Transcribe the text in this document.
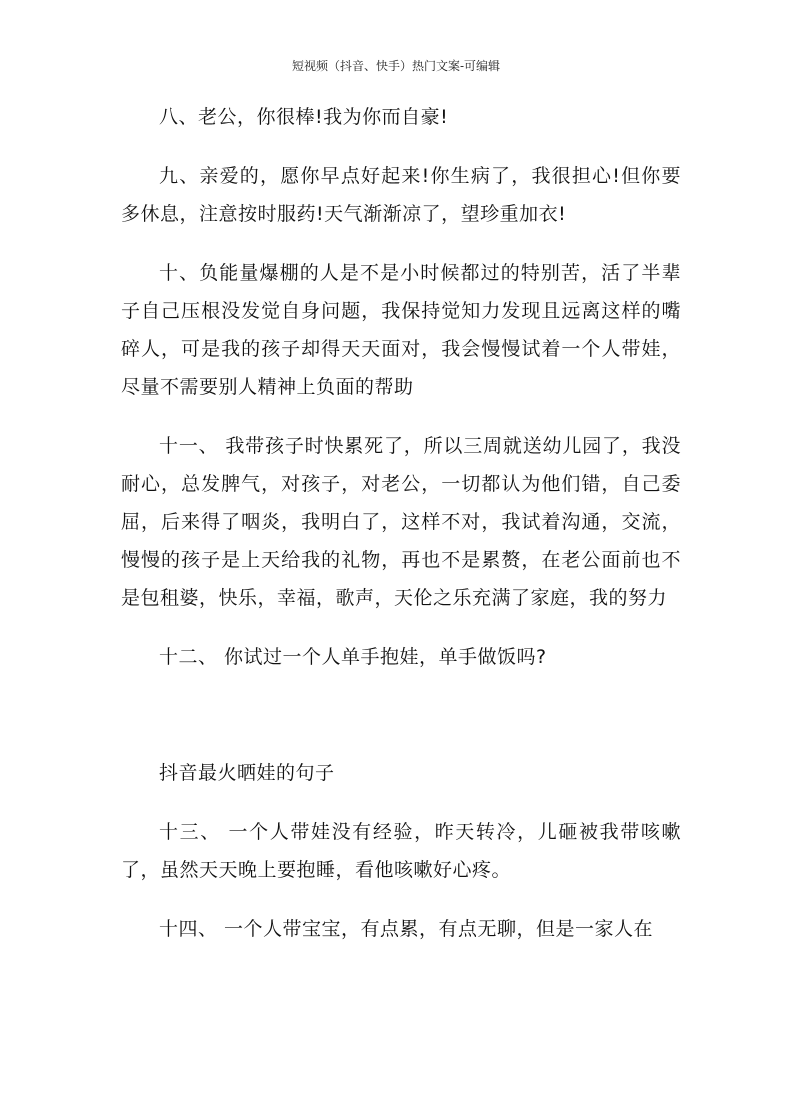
短视频（抖音、快手）热门文案-可编辑

八、老公，你很棒!我为你而自豪!

九、亲爱的，愿你早点好起来!你生病了，我很担心!但你要多休息，注意按时服药!天气渐渐凉了，望珍重加衣!

十、负能量爆棚的人是不是小时候都过的特别苦，活了半辈子自己压根没发觉自身问题，我保持觉知力发现且远离这样的嘴碎人，可是我的孩子却得天天面对，我会慢慢试着一个人带娃，尽量不需要别人精神上负面的帮助

十一、 我带孩子时快累死了，所以三周就送幼儿园了，我没耐心，总发脾气，对孩子，对老公，一切都认为他们错，自己委屈，后来得了咽炎，我明白了，这样不对，我试着沟通，交流，慢慢的孩子是上天给我的礼物，再也不是累赘，在老公面前也不是包租婆，快乐，幸福，歌声，天伦之乐充满了家庭，我的努力

十二、 你试过一个人单手抱娃，单手做饭吗?

抖音最火晒娃的句子

十三、 一个人带娃没有经验，昨天转冷，儿砸被我带咳嗽了，虽然天天晚上要抱睡，看他咳嗽好心疼。

十四、 一个人带宝宝，有点累，有点无聊，但是一家人在
